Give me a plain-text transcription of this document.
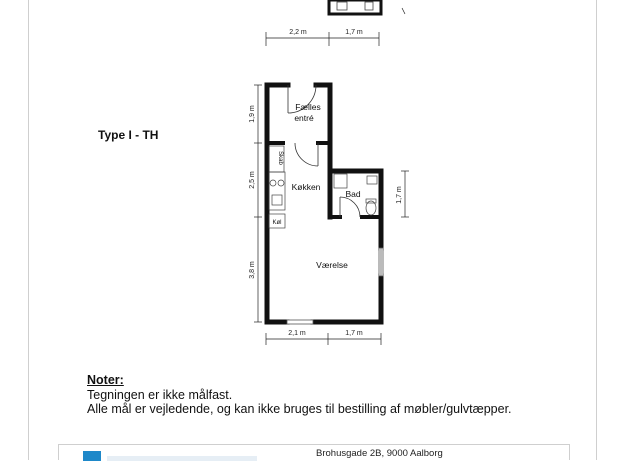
2,2 m	1,7 m
Fælles
entré
Skab
Køkken
Bad
Køl
Værelse
1,9 m
2,5 m
3,8 m
1,7 m
2,1 m	1,7 m
Type I - TH
Noter:
Tegningen er ikke målfast.
Alle mål er vejledende, og kan ikke bruges til bestilling af møbler/gulvtæpper.
Brohusgade 2B, 9000 Aalborg
